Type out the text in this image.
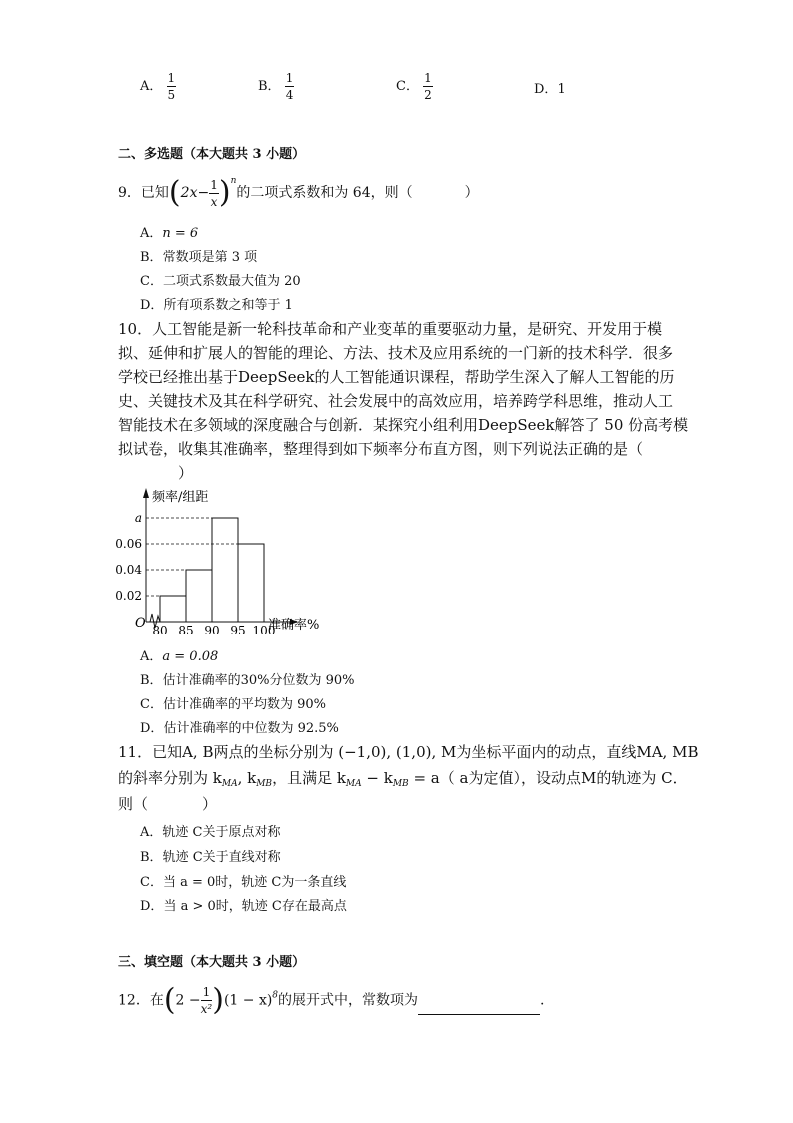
A． $\frac{1}{5}$	B． $\frac{1}{4}$	C． $\frac{1}{2}$	D．1
二、多选题（本大题共 3 小题）
9．已知$(2x- \frac{1}{x} )^n$的二项式系数和为 64，则（	）
A．n = 6
B．常数项是第 3 项
C．二项式系数最大值为 20
D．所有项系数之和等于 1
10．人工智能是新一轮科技革命和产业变革的重要驱动力量，是研究、开发用于模
拟、延伸和扩展人的智能的理论、方法、技术及应用系统的一门新的技术科学．很多
学校已经推出基于DeepSeek的人工智能通识课程，帮助学生深入了解人工智能的历
史、关键技术及其在科学研究、社会发展中的高效应用，培养跨学科思维，推动人工
智能技术在多领域的深度融合与创新．某探究小组利用DeepSeek解答了 50 份高考模
拟试卷，收集其准确率，整理得到如下频率分布直方图，则下列说法正确的是（
）
频率/组距
O
0.02
0.04
0.06
a
80 85 90 95 100
准确率%
A．a = 0.08
B．估计准确率的30%分位数为 90%
C．估计准确率的平均数为 90%
D．估计准确率的中位数为 92.5%
11．已知A, B两点的坐标分别为 (−1,0), (1,0), M为坐标平面内的动点，直线MA, MB
的斜率分别为 $k_{MA}$, $k_{MB}$，且满足 $k_{MA} - k_{MB} = a$（ a为定值），设动点M的轨迹为 C．
则（	）
A．轨迹 C关于原点对称
B．轨迹 C关于直线对称
C．当 a = 0时，轨迹 C为一条直线
D．当 a > 0时，轨迹 C存在最高点
三、填空题（本大题共 3 小题）
12．在$(2 - \frac{1}{\text{x²}} )(1 - x)^8$的展开式中，常数项为	.
